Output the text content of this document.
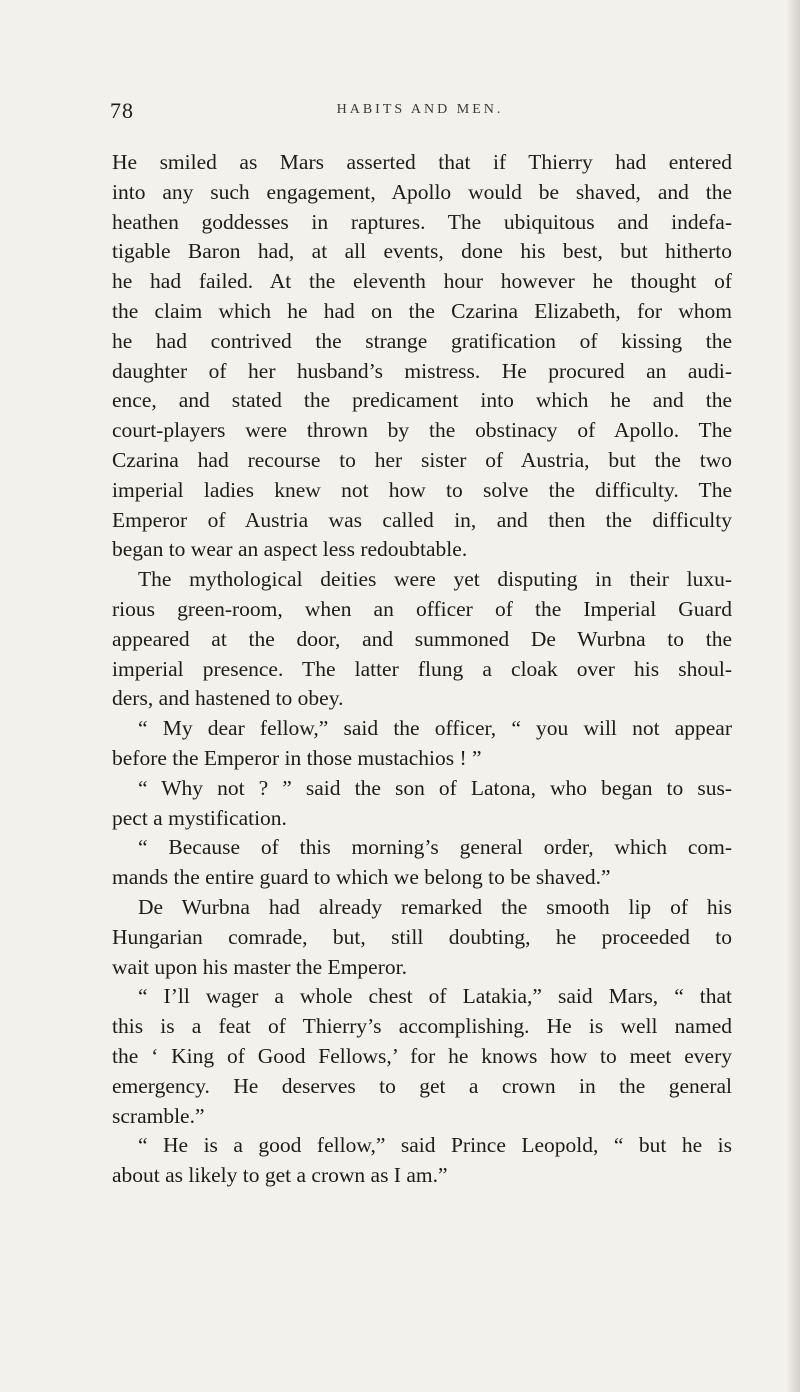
78	HABITS AND MEN.
He smiled as Mars asserted that if Thierry had entered
into any such engagement, Apollo would be shaved, and the
heathen goddesses in raptures. The ubiquitous and indefa-
tigable Baron had, at all events, done his best, but hitherto
he had failed. At the eleventh hour however he thought of
the claim which he had on the Czarina Elizabeth, for whom
he had contrived the strange gratification of kissing the
daughter of her husband’s mistress. He procured an audi-
ence, and stated the predicament into which he and the
court-players were thrown by the obstinacy of Apollo. The
Czarina had recourse to her sister of Austria, but the two
imperial ladies knew not how to solve the difficulty. The
Emperor of Austria was called in, and then the difficulty
began to wear an aspect less redoubtable.
The mythological deities were yet disputing in their luxu-
rious green-room, when an officer of the Imperial Guard
appeared at the door, and summoned De Wurbna to the
imperial presence. The latter flung a cloak over his shoul-
ders, and hastened to obey.
“ My dear fellow,” said the officer, “ you will not appear
before the Emperor in those mustachios ! ”
“ Why not ? ” said the son of Latona, who began to sus-
pect a mystification.
“ Because of this morning’s general order, which com-
mands the entire guard to which we belong to be shaved.”
De Wurbna had already remarked the smooth lip of his
Hungarian comrade, but, still doubting, he proceeded to
wait upon his master the Emperor.
“ I’ll wager a whole chest of Latakia,” said Mars, “ that
this is a feat of Thierry’s accomplishing. He is well named
the ‘ King of Good Fellows,’ for he knows how to meet every
emergency. He deserves to get a crown in the general
scramble.”
“ He is a good fellow,” said Prince Leopold, “ but he is
about as likely to get a crown as I am.”
